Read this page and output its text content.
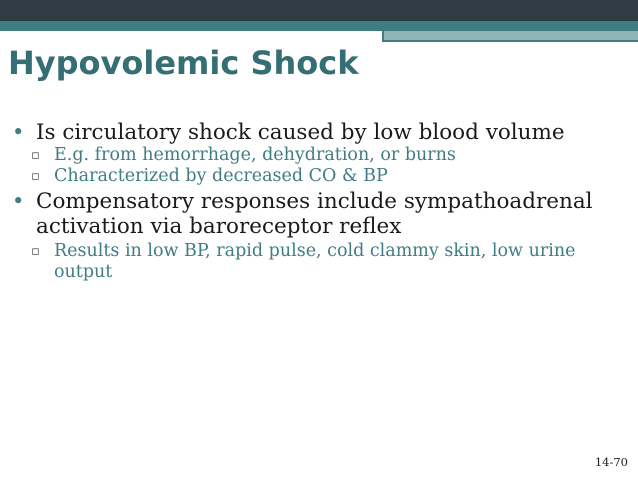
Hypovolemic Shock

• Is circulatory shock caused by low blood volume

▫ E.g. from hemorrhage, dehydration, or burns

▫ Characterized by decreased CO & BP

• Compensatory responses include sympathoadrenal activation via baroreceptor reflex

▫ Results in low BP, rapid pulse, cold clammy skin, low urine output

14-70
